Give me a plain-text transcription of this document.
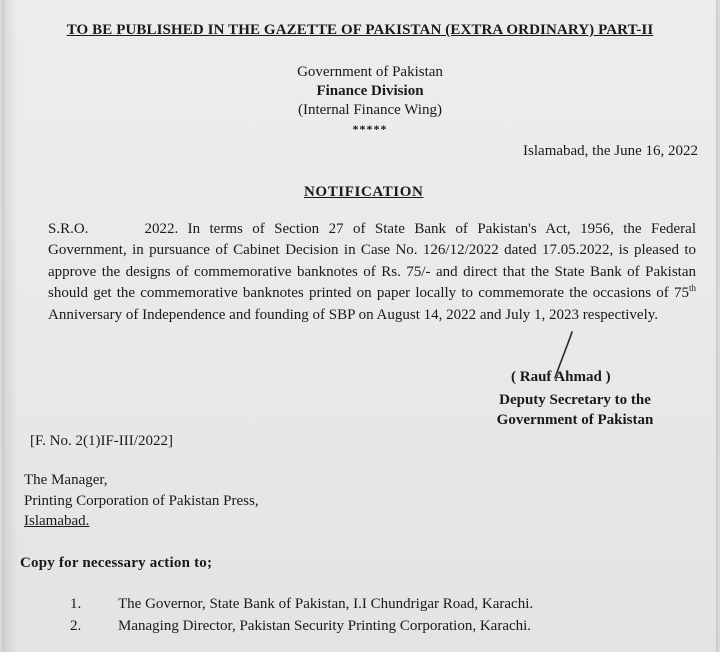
TO BE PUBLISHED IN THE GAZETTE OF PAKISTAN (EXTRA ORDINARY) PART-II
Government of Pakistan
Finance Division
(Internal Finance Wing)
*****
Islamabad, the June 16, 2022
NOTIFICATION
S.R.O.	2022. In terms of Section 27 of State Bank of Pakistan's Act, 1956, the Federal Government, in pursuance of Cabinet Decision in Case No. 126/12/2022 dated 17.05.2022, is pleased to approve the designs of commemorative banknotes of Rs. 75/- and direct that the State Bank of Pakistan should get the commemorative banknotes printed on paper locally to commemorate the occasions of 75th Anniversary of Independence and founding of SBP on August 14, 2022 and July 1, 2023 respectively.
( Rauf Ahmad )
Deputy Secretary to the
Government of Pakistan
[F. No. 2(1)IF-III/2022]
The Manager,
Printing Corporation of Pakistan Press,
Islamabad.
Copy for necessary action to;
1. The Governor, State Bank of Pakistan, I.I Chundrigar Road, Karachi.
2. Managing Director, Pakistan Security Printing Corporation, Karachi.
